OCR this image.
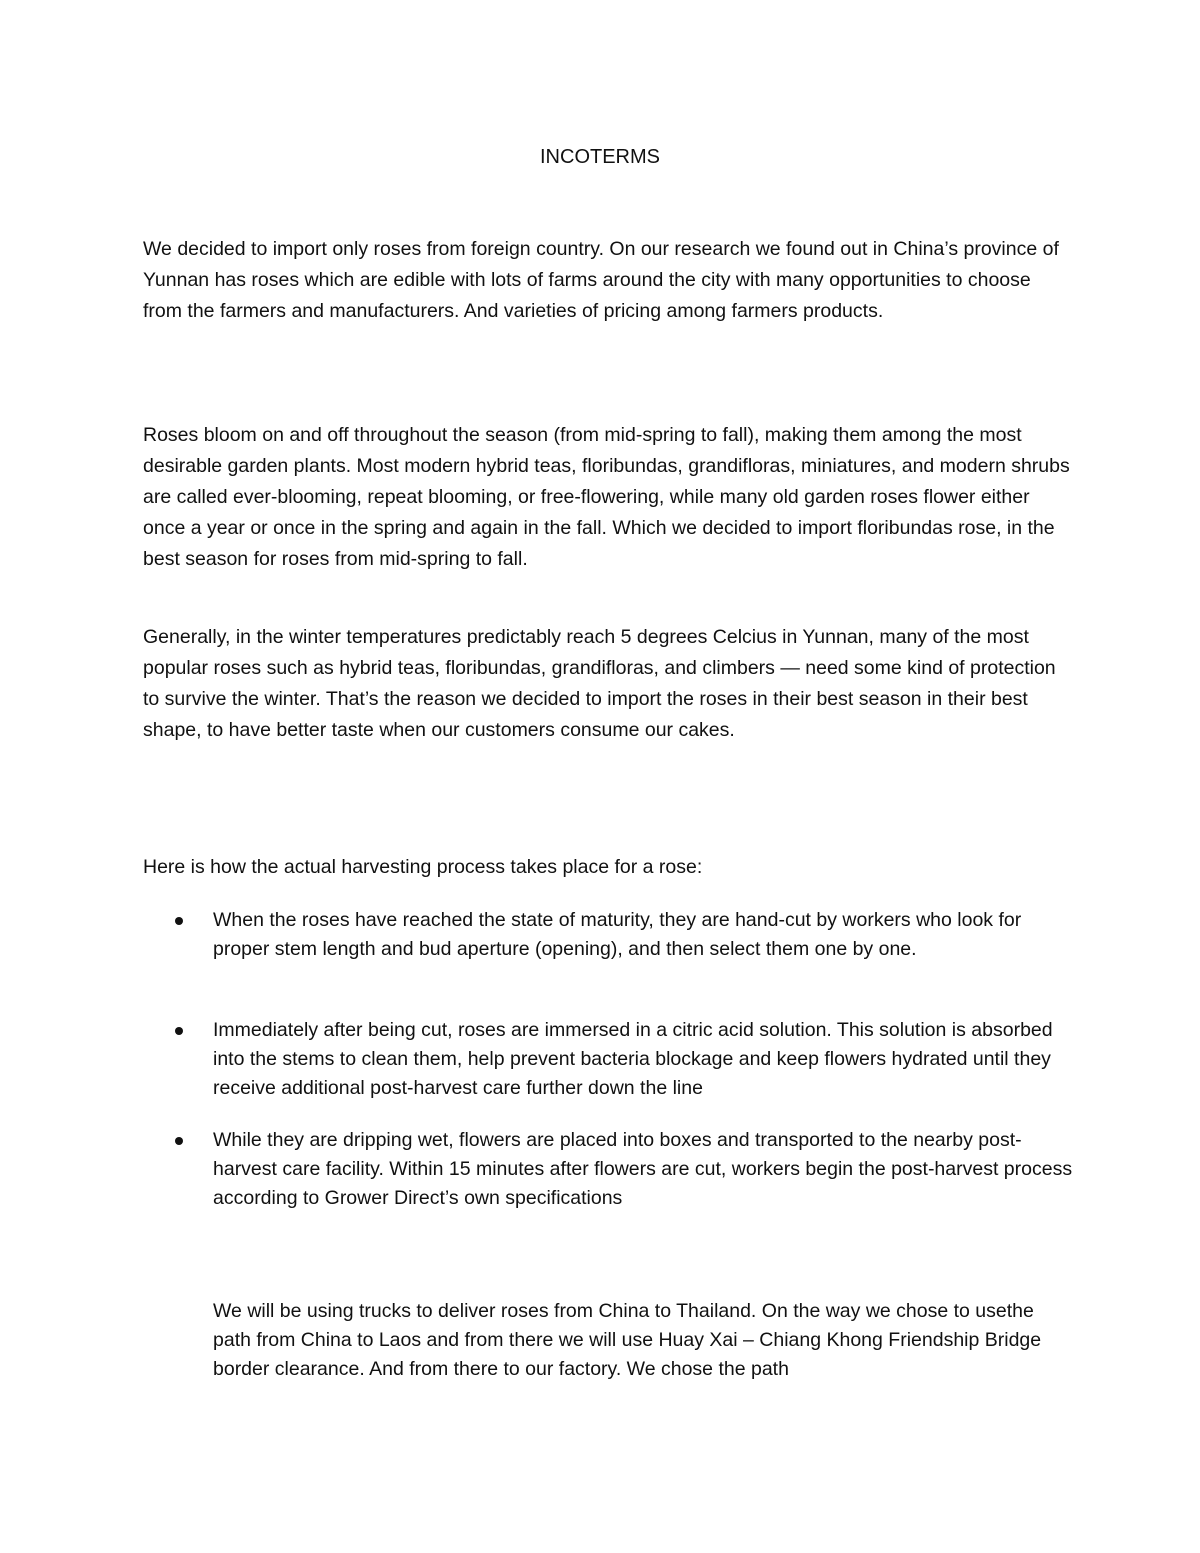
INCOTERMS

We decided to import only roses from foreign country. On our research we found out in China’s province of Yunnan has roses which are edible with lots of farms around the city with many opportunities to choose from the farmers and manufacturers. And varieties of pricing among farmers products.

Roses bloom on and off throughout the season (from mid-spring to fall), making them among the most desirable garden plants. Most modern hybrid teas, floribundas, grandifloras, miniatures, and modern shrubs are called ever-blooming, repeat blooming, or free-flowering, while many old garden roses flower either once a year or once in the spring and again in the fall. Which we decided to import floribundas rose, in the best season for roses from mid-spring to fall.

Generally, in the winter temperatures predictably reach 5 degrees Celcius in Yunnan, many of the most popular roses such as hybrid teas, floribundas, grandifloras, and climbers — need some kind of protection to survive the winter. That’s the reason we decided to import the roses in their best season in their best shape, to have better taste when our customers consume our cakes.

Here is how the actual harvesting process takes place for a rose:

When the roses have reached the state of maturity, they are hand-cut by workers who look for proper stem length and bud aperture (opening), and then select them one by one.

Immediately after being cut, roses are immersed in a citric acid solution. This solution is absorbed into the stems to clean them, help prevent bacteria blockage and keep flowers hydrated until they receive additional post-harvest care further down the line

While they are dripping wet, flowers are placed into boxes and transported to the nearby post-harvest care facility. Within 15 minutes after flowers are cut, workers begin the post-harvest process according to Grower Direct’s own specifications

We will be using trucks to deliver roses from China to Thailand. On the way we chose to usethe path from China to Laos and from there we will use Huay Xai – Chiang Khong Friendship Bridge border clearance. And from there to our factory. We chose the path
